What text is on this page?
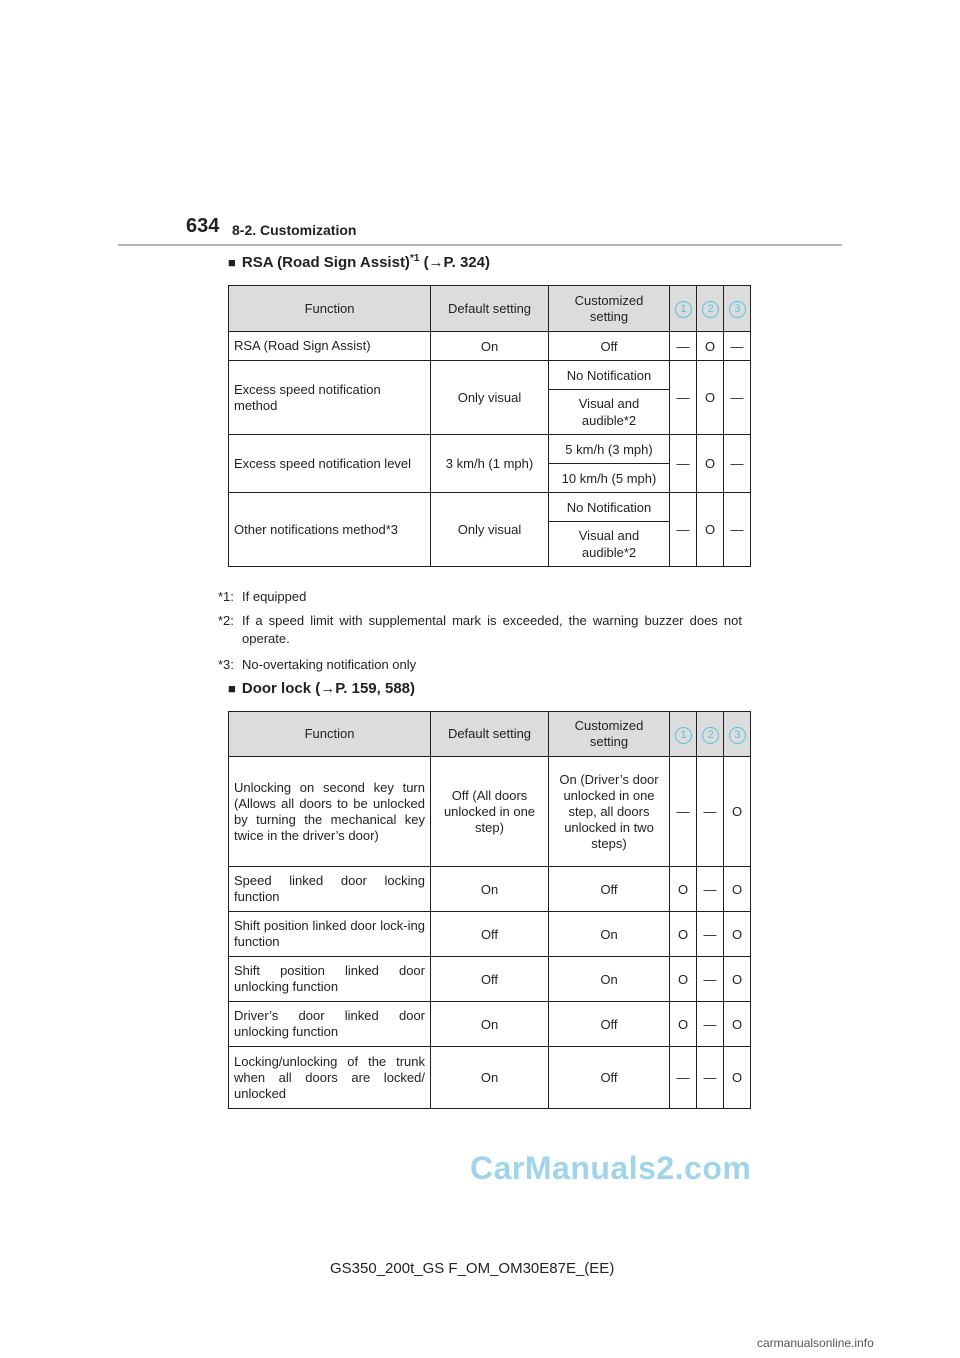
634 8-2. Customization
■ RSA (Road Sign Assist)$^{*1}$ (→P. 324)
Function	Default setting	Customized setting	1	2	3
RSA (Road Sign Assist)	On	Off	—	O	—
Excess speed notification method	Only visual	No Notification	—	O	—
		Visual and audible*2			
Excess speed notification level	3 km/h (1 mph)	5 km/h (3 mph)	—	O	—
		10 km/h (5 mph)			
Other notifications method*3	Only visual	No Notification	—	O	—
		Visual and audible*2			
*1: If equipped
*2: If a speed limit with supplemental mark is exceeded, the warning buzzer does not operate.
*3: No-overtaking notification only
■ Door lock (→P. 159, 588)
Function	Default setting	Customized setting	1	2	3
Unlocking on second key turn (Allows all doors to be unlocked by turning the mechanical key twice in the driver’s door)	Off (All doors unlocked in one step)	On (Driver’s door unlocked in one step, all doors unlocked in two steps)	—	—	O
Speed linked door locking function	On	Off	O	—	O
Shift position linked door lock-ing function	Off	On	O	—	O
Shift position linked door unlocking function	Off	On	O	—	O
Driver’s door linked door unlocking function	On	Off	O	—	O
Locking/unlocking of the trunk when all doors are locked/ unlocked	On	Off	—	—	O
CarManuals2.com
GS350_200t_GS F_OM_OM30E87E_(EE)
carmanualsonline.info
